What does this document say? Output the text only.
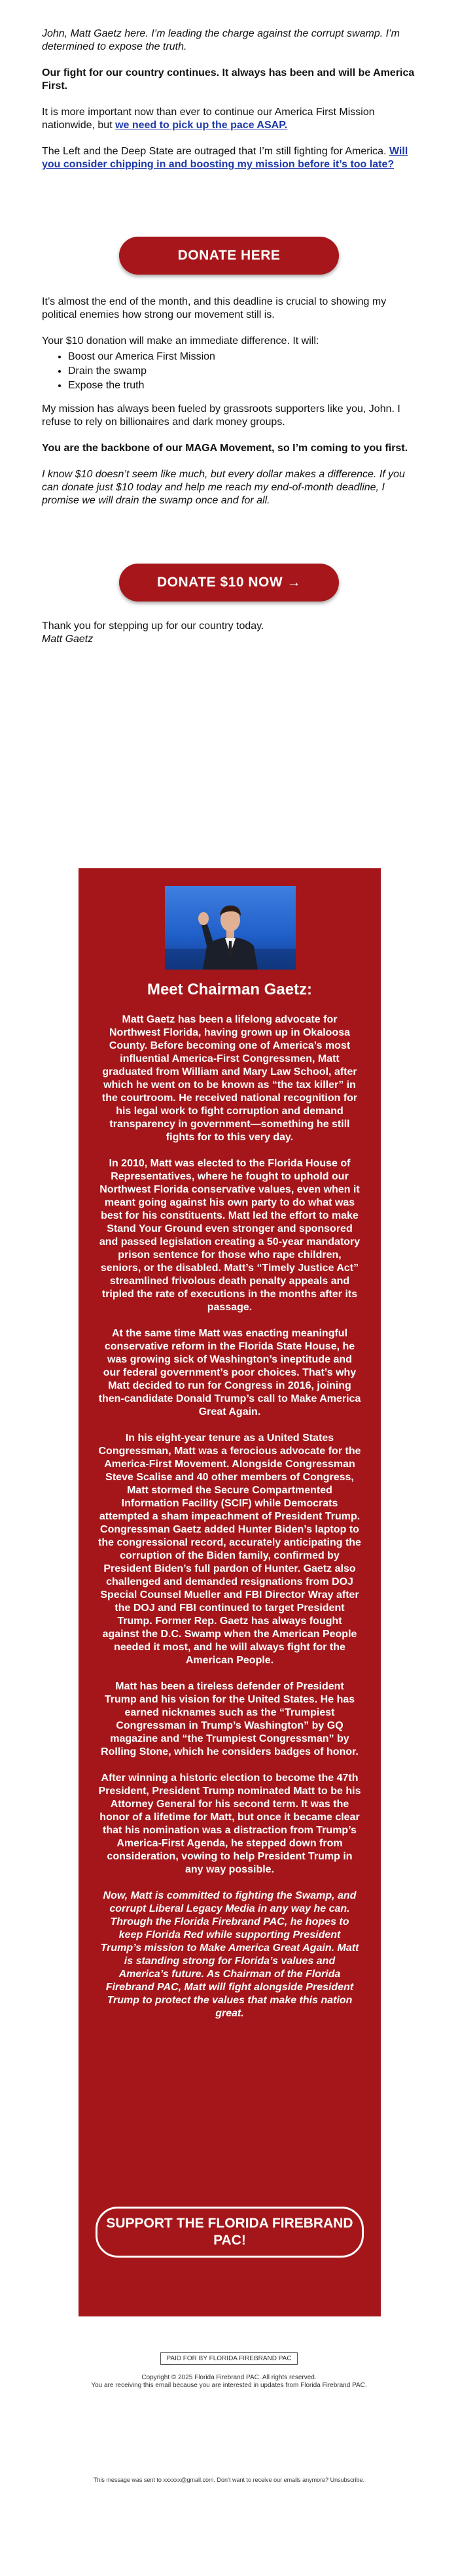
John, Matt Gaetz here. I’m leading the charge against the corrupt swamp. I’m determined to expose the truth.

Our fight for our country continues. It always has been and will be America First.

It is more important now than ever to continue our America First Mission nationwide, but we need to pick up the pace ASAP.

The Left and the Deep State are outraged that I’m still fighting for America. Will you consider chipping in and boosting my mission before it’s too late?

DONATE HERE

It’s almost the end of the month, and this deadline is crucial to showing my political enemies how strong our movement still is.

Your $10 donation will make an immediate difference. It will:

• Boost our America First Mission
• Drain the swamp
• Expose the truth

My mission has always been fueled by grassroots supporters like you, John. I refuse to rely on billionaires and dark money groups.

You are the backbone of our MAGA Movement, so I’m coming to you first.

I know $10 doesn’t seem like much, but every dollar makes a difference. If you can donate just $10 today and help me reach my end-of-month deadline, I promise we will drain the swamp once and for all.

DONATE $10 NOW →

Thank you for stepping up for our country today.

Matt Gaetz

Meet Chairman Gaetz:

Matt Gaetz has been a lifelong advocate for Northwest Florida, having grown up in Okaloosa County. Before becoming one of America’s most influential America-First Congressmen, Matt graduated from William and Mary Law School, after which he went on to be known as “the tax killer” in the courtroom. He received national recognition for his legal work to fight corruption and demand transparency in government—something he still fights for to this very day.

In 2010, Matt was elected to the Florida House of Representatives, where he fought to uphold our Northwest Florida conservative values, even when it meant going against his own party to do what was best for his constituents. Matt led the effort to make Stand Your Ground even stronger and sponsored and passed legislation creating a 50-year mandatory prison sentence for those who rape children, seniors, or the disabled. Matt’s “Timely Justice Act” streamlined frivolous death penalty appeals and tripled the rate of executions in the months after its passage.

At the same time Matt was enacting meaningful conservative reform in the Florida State House, he was growing sick of Washington’s ineptitude and our federal government’s poor choices. That’s why Matt decided to run for Congress in 2016, joining then-candidate Donald Trump’s call to Make America Great Again.

In his eight-year tenure as a United States Congressman, Matt was a ferocious advocate for the America-First Movement. Alongside Congressman Steve Scalise and 40 other members of Congress, Matt stormed the Secure Compartmented Information Facility (SCIF) while Democrats attempted a sham impeachment of President Trump. Congressman Gaetz added Hunter Biden’s laptop to the congressional record, accurately anticipating the corruption of the Biden family, confirmed by President Biden’s full pardon of Hunter. Gaetz also challenged and demanded resignations from DOJ Special Counsel Mueller and FBI Director Wray after the DOJ and FBI continued to target President Trump. Former Rep. Gaetz has always fought against the D.C. Swamp when the American People needed it most, and he will always fight for the American People.

Matt has been a tireless defender of President Trump and his vision for the United States. He has earned nicknames such as the “Trumpiest Congressman in Trump’s Washington” by GQ magazine and “the Trumpiest Congressman” by Rolling Stone, which he considers badges of honor.

After winning a historic election to become the 47th President, President Trump nominated Matt to be his Attorney General for his second term. It was the honor of a lifetime for Matt, but once it became clear that his nomination was a distraction from Trump’s America-First Agenda, he stepped down from consideration, vowing to help President Trump in any way possible.

Now, Matt is committed to fighting the Swamp, and corrupt Liberal Legacy Media in any way he can. Through the Florida Firebrand PAC, he hopes to keep Florida Red while supporting President Trump’s mission to Make America Great Again. Matt is standing strong for Florida’s values and America’s future. As Chairman of the Florida Firebrand PAC, Matt will fight alongside President Trump to protect the values that make this nation great.

SUPPORT THE FLORIDA FIREBRAND PAC!
PAID FOR BY FLORIDA FIREBRAND PAC
Copyright © 2025 Florida Firebrand PAC. All rights reserved.
You are receiving this email because you are interested in updates from Florida Firebrand PAC.
This message was sent to xxxxxx@gmail.com. Don’t want to receive our emails anymore? Unsubscribe.
